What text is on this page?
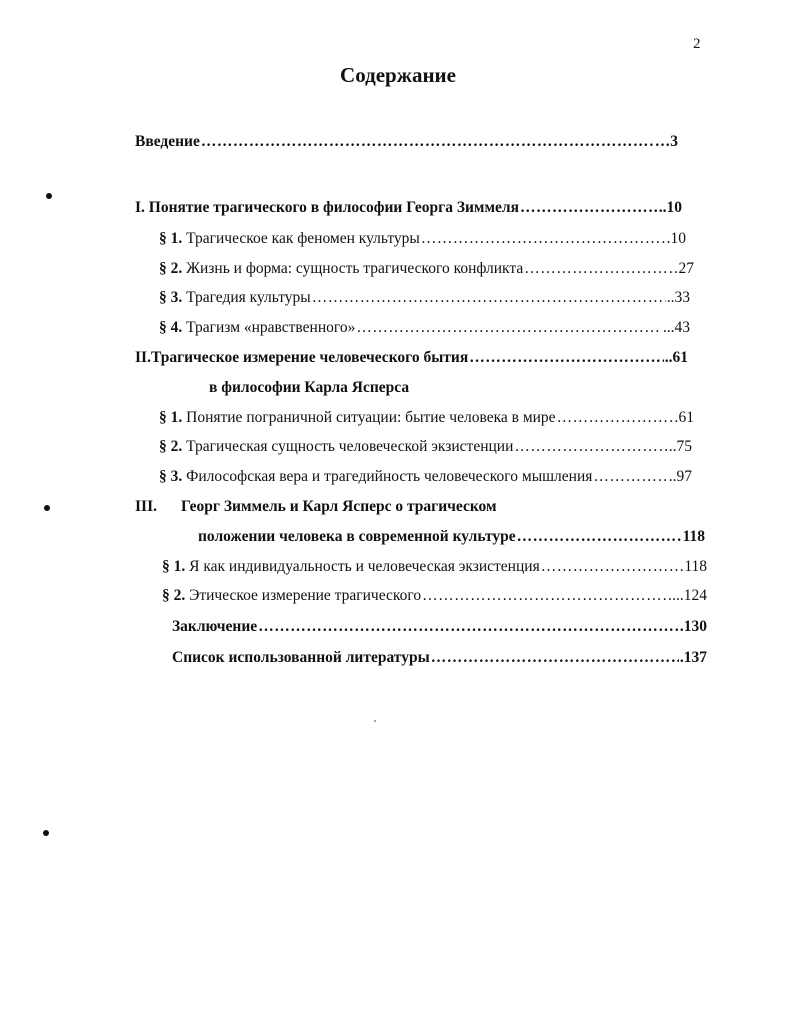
2
Содержание
Введение ……………………………………………………………………………………………………………………………………………………………	…3
I. Понятие трагического в философии Георга Зиммеля ……………………………………………………………………………………………………………………………………………………………	..10
§ 1.
Трагическое как феномен культуры ……………………………………………………………………………………………………………………………………………………………	.10
§ 2.
Жизнь и форма: сущность трагического конфликта ……………………………………………………………………………………………………………………………………………………………	27
§ 3.
Трагедия культуры ……………………………………………………………………………………………………………………………………………………………	..33
§ 4.
Трагизм «нравственного» ……………………………………………………………………………………………………………………………………………………………	...43
II. Трагическое измерение человеческого бытия ……………………………………………………………………………………………………………………………………………………………	..61
в философии Карла Ясперса
§ 1.
Понятие пограничной ситуации: бытие человека в мире ……………………………………………………………………………………………………………………………………………………………	61
§ 2.
Трагическая сущность человеческой экзистенции ……………………………………………………………………………………………………………………………………………………………	..75
§ 3.
Философская вера и трагедийность человеческого мышления ……………………………………………………………………………………………………………………………………………………………	..97
III. Георг Зиммель и Карл Ясперс о трагическом
положении человека в современной культуре ……………………………………………………………………………………………………………………………………………………………	118
§ 1.
Я как индивидуальность и человеческая экзистенция ……………………………………………………………………………………………………………………………………………………………	118
§ 2.
Этическое измерение трагического ……………………………………………………………………………………………………………………………………………………………	...124
Заключение ……………………………………………………………………………………………………………………………………………………………	.130
Список использованной литературы ……………………………………………………………………………………………………………………………………………………………	.137
